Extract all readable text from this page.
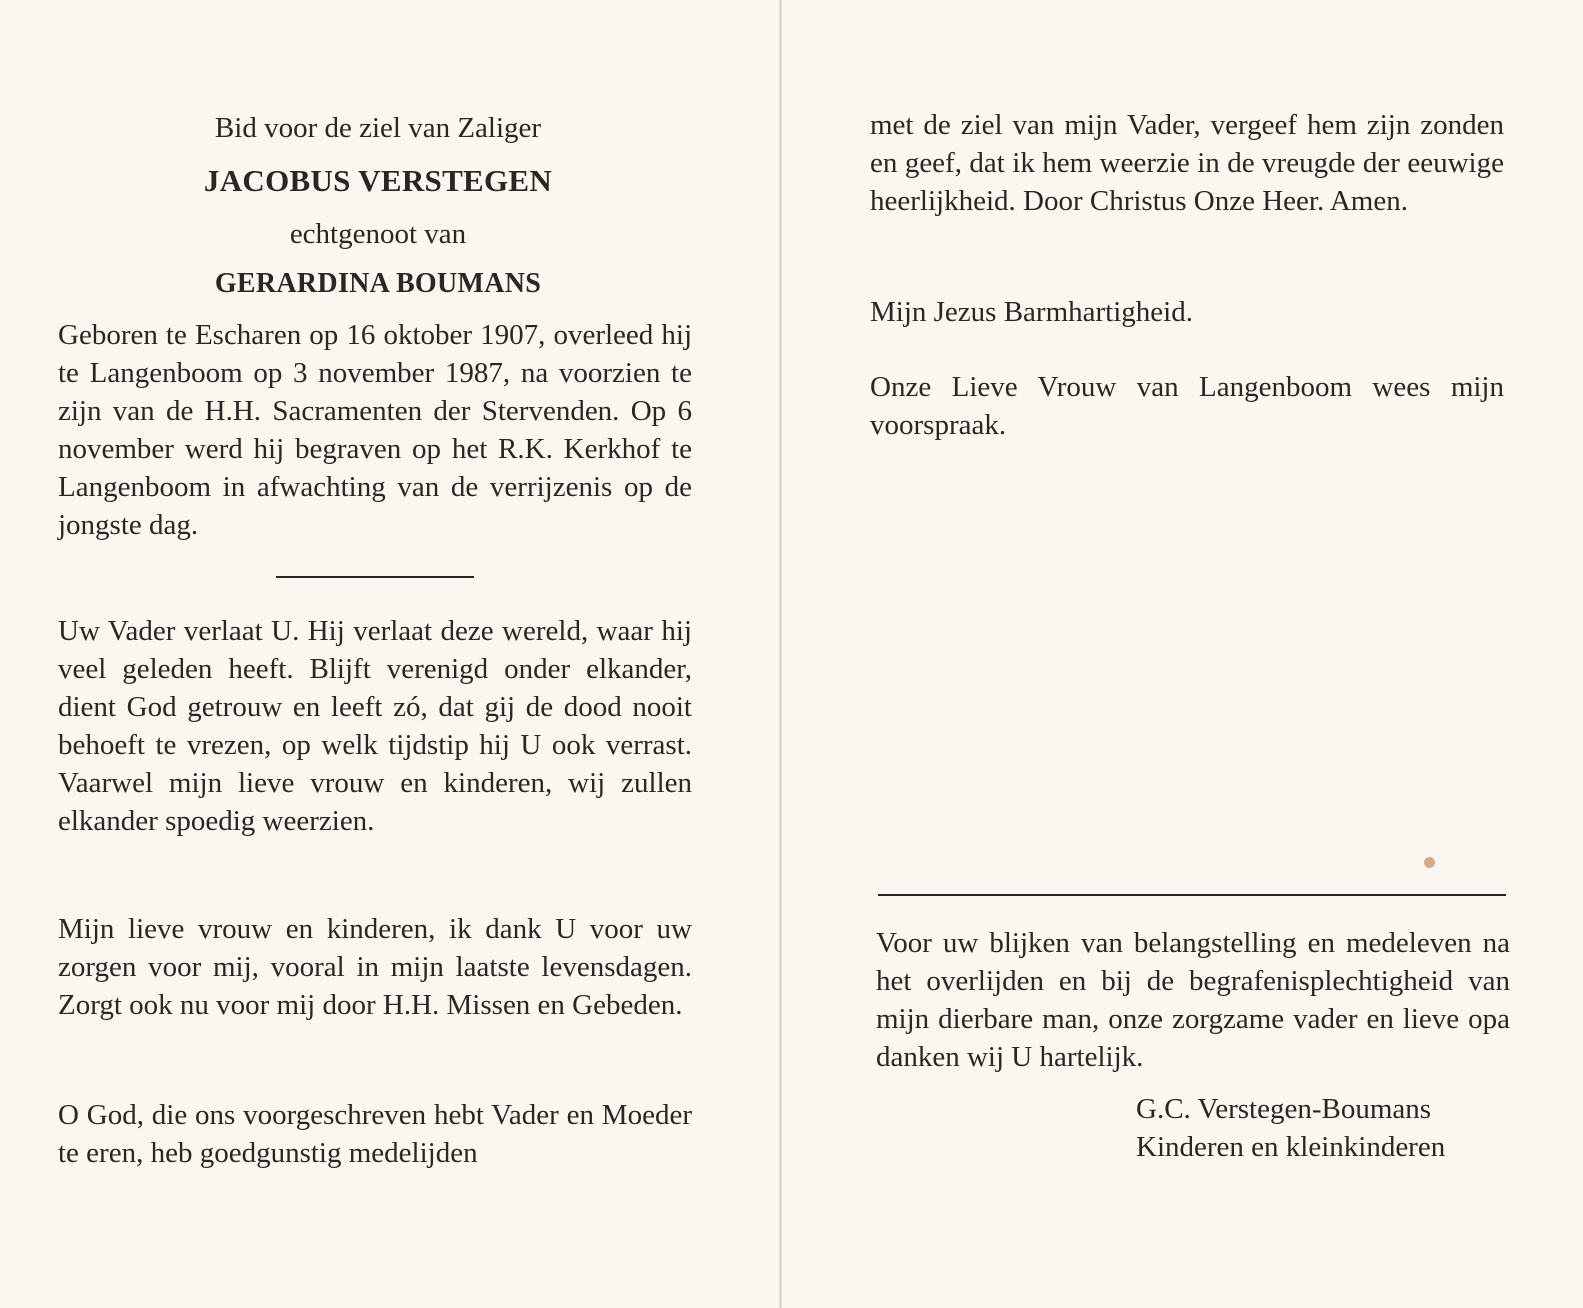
Bid voor de ziel van Zaliger
JACOBUS VERSTEGEN
echtgenoot van
GERARDINA BOUMANS
Geboren te Escharen op 16 oktober 1907, overleed hij te Langenboom op 3 november 1987, na voorzien te zijn van de H.H. Sacramenten der Stervenden. Op 6 november werd hij begraven op het R.K. Kerkhof te Langenboom in afwachting van de verrijzenis op de jongste dag.
Uw Vader verlaat U. Hij verlaat deze wereld, waar hij veel geleden heeft. Blijft verenigd onder elkander, dient God getrouw en leeft zó, dat gij de dood nooit behoeft te vrezen, op welk tijdstip hij U ook verrast. Vaarwel mijn lieve vrouw en kinderen, wij zullen elkander spoedig weerzien.
Mijn lieve vrouw en kinderen, ik dank U voor uw zorgen voor mij, vooral in mijn laatste levensdagen. Zorgt ook nu voor mij door H.H. Missen en Gebeden.
O God, die ons voorgeschreven hebt Vader en Moeder te eren, heb goedgunstig medelijden
met de ziel van mijn Vader, vergeef hem zijn zonden en geef, dat ik hem weerzie in de vreugde der eeuwige heerlijkheid. Door Christus Onze Heer. Amen.
Mijn Jezus Barmhartigheid.
Onze Lieve Vrouw van Langenboom wees mijn voorspraak.
Voor uw blijken van belangstelling en medeleven na het overlijden en bij de begrafenisplechtigheid van mijn dierbare man, onze zorgzame vader en lieve opa danken wij U hartelijk.
G.C. Verstegen-Boumans
Kinderen en kleinkinderen
